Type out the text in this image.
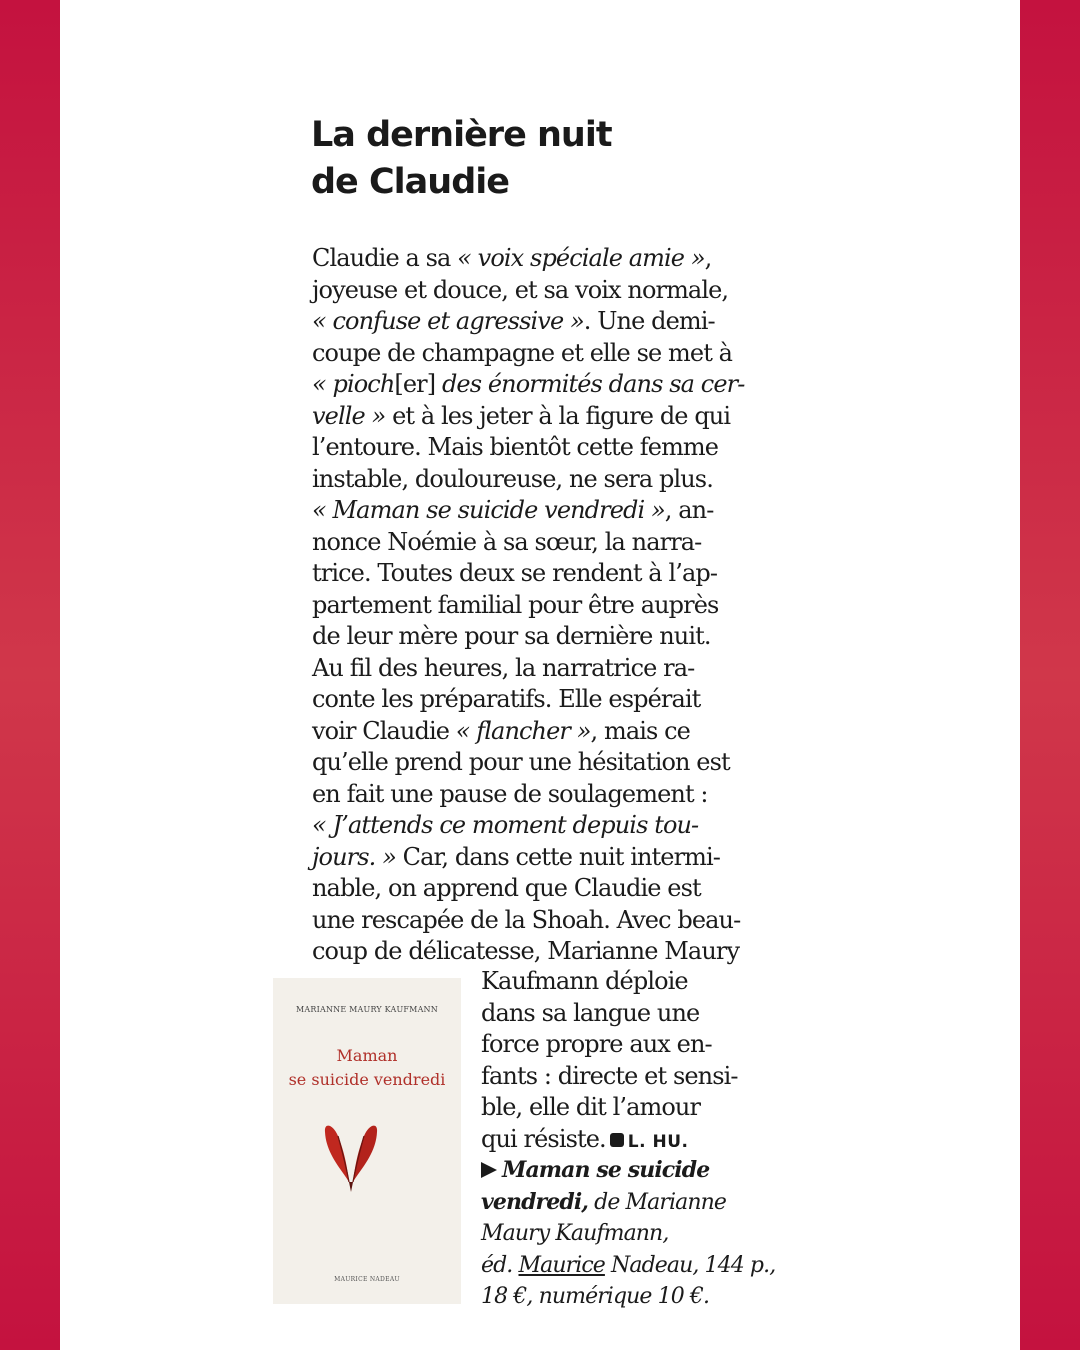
La dernière nuit
de Claudie
Claudie a sa « voix spéciale amie »,
joyeuse et douce, et sa voix normale,
« confuse et agressive ». Une demi-
coupe de champagne et elle se met à
« pioch[er] des énormités dans sa cer-
velle » et à les jeter à la figure de qui
l’entoure. Mais bientôt cette femme
instable, douloureuse, ne sera plus.
« Maman se suicide vendredi », an-
nonce Noémie à sa sœur, la narra-
trice. Toutes deux se rendent à l’ap-
partement familial pour être auprès
de leur mère pour sa dernière nuit.
Au fil des heures, la narratrice ra-
conte les préparatifs. Elle espérait
voir Claudie « flancher », mais ce
qu’elle prend pour une hésitation est
en fait une pause de soulagement :
« J’attends ce moment depuis tou-
jours. » Car, dans cette nuit intermi-
nable, on apprend que Claudie est
une rescapée de la Shoah. Avec beau-
coup de délicatesse, Marianne Maury
MARIANNE MAURY KAUFMANN
Maman
se suicide vendredi
MAURICE NADEAU
Kaufmann déploie
dans sa langue une
force propre aux en-
fants : directe et sensi-
ble, elle dit l’amour
qui résiste. L. HU.
Maman se suicide
vendredi, de Marianne
Maury Kaufmann,
éd. Maurice Nadeau, 144 p.,
18 €, numérique 10 €.
